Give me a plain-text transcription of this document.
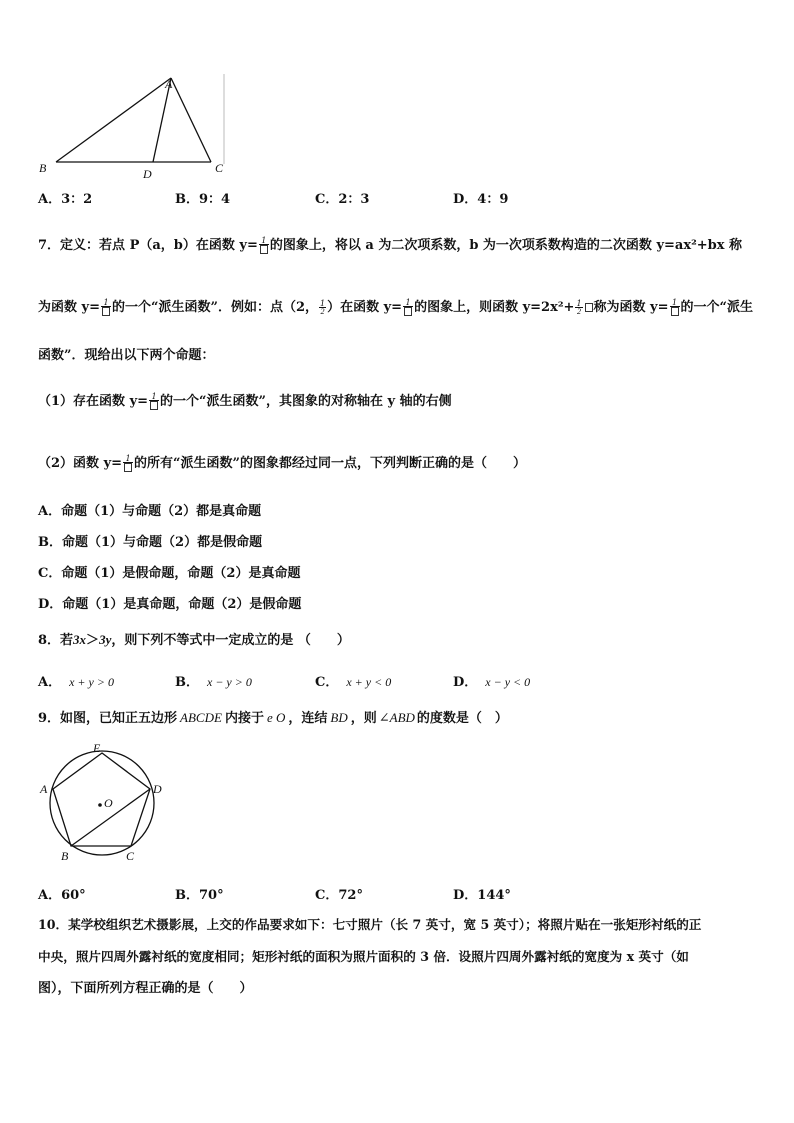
A
B	C
D
A．3：2	B．9：4	C．2：3	D．4：9
7．定义：若点 P（a，b）在函数 y= 1 的图象上，将以 a 为二次项系数，b 为一次项系数构造的二次函数 y=ax²+bx 称
为函数 y= 1 的一个“派生函数”．例如：点（2， $\frac{1}{2}$ ）在函数 y= 1 的图象上，则函数 $y=2x^2+ \frac{1}{2}$ 称为函数 y= 1 的一个“派生
函数”．现给出以下两个命题：
（1）存在函数 y= 1 的一个“派生函数”，其图象的对称轴在 y 轴的右侧
（2）函数 y= 1 的所有“派生函数”的图象都经过同一点，下列判断正确的是（　　）
A．命题（1）与命题（2）都是真命题
B．命题（1）与命题（2）都是假命题
C．命题（1）是假命题，命题（2）是真命题
D．命题（1）是真命题，命题（2）是假命题
8．若3x＞3y，则下列不等式中一定成立的是 （　　）
A． x + y > 0	B． x − y > 0	C． x + y < 0	D． x − y < 0
9．如图，已知正五边形 ABCDE 内接于 e O ，连结 BD ，则 ∠ABD 的度数是（　）
E
A	D
O
B	C
A．60°	B．70°	C．72°	D．144°
10．某学校组织艺术摄影展，上交的作品要求如下：七寸照片（长 7 英寸，宽 5 英寸）；将照片贴在一张矩形衬纸的正
中央，照片四周外露衬纸的宽度相同；矩形衬纸的面积为照片面积的 3 倍．设照片四周外露衬纸的宽度为 x 英寸（如
图），下面所列方程正确的是（　　）
